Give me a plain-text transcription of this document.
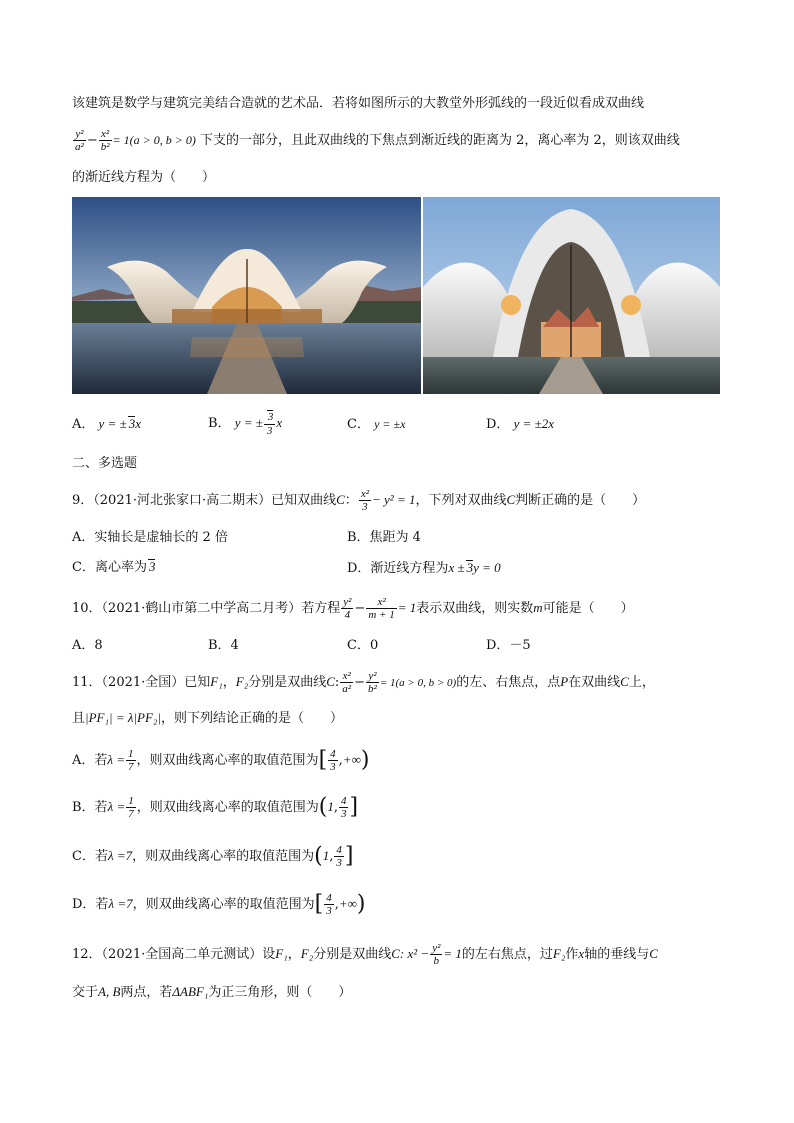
该建筑是数学与建筑完美结合造就的艺术品．若将如图所示的大教堂外形弧线的一段近似看成双曲线
$\frac{\text{y²}}{\text{a²}} - \frac{\text{x²}}{\text{b²}} = 1(a > 0$, b > 0) 下支的一部分，且此双曲线的下焦点到渐近线的距离为 2，离心率为 2，则该双曲线
的渐近线方程为（　　）
A． y = ± 3x	B． y = ± $\frac{3}{3}$ x	C． y = ±x	D． y = ±2x
二、多选题
9．（2021·河北张家口·高二期末）已知双曲线C： $\frac{\text{x²}}{3} - y^2 = 1$，下列对双曲线C判断正确的是（　　）
A．实轴长是虚轴长的 2 倍	B．焦距为 4
C．离心率为 3	D．渐近线方程为x ± 3y = 0
10．（2021·鹤山市第二中学高二月考）若方程 $\frac{\text{y²}}{4} - \frac{\text{x²}}{m + 1} = 1$表示双曲线，则实数m可能是（　　）
A．8	B．4	C．0	D．－5
11．（2021·全国）已知F₁，F₂分别是双曲线C: $\frac{\text{x²}}{\text{a²}} - \frac{\text{y²}}{\text{b²}} = 1(a > 0$, b > 0)的左、右焦点，点P在双曲线C上，
且|PF₁| = λ|PF₂|，则下列结论正确的是（　　）
A．若$\lambda = \frac{1}{7}$ ，则双曲线离心率的取值范围为[ $\frac{4}{3}$ ,+∞)
B．若$\lambda = \frac{1}{7}$ ，则双曲线离心率的取值范围为(1, $\frac{4}{3}$ ]
C．若λ =7，则双曲线离心率的取值范围为(1, $\frac{4}{3}$ ]
D．若λ =7，则双曲线离心率的取值范围为[ $\frac{4}{3}$ ,+∞)
12．（2021·全国高二单元测试）设F₁，F₂分别是双曲线C: $x^2 - \frac{\text{y²}}{b} = 1$的左右焦点，过F₂作x轴的垂线与C
交于A, B两点，若ΔABF₁为正三角形，则（　　）
